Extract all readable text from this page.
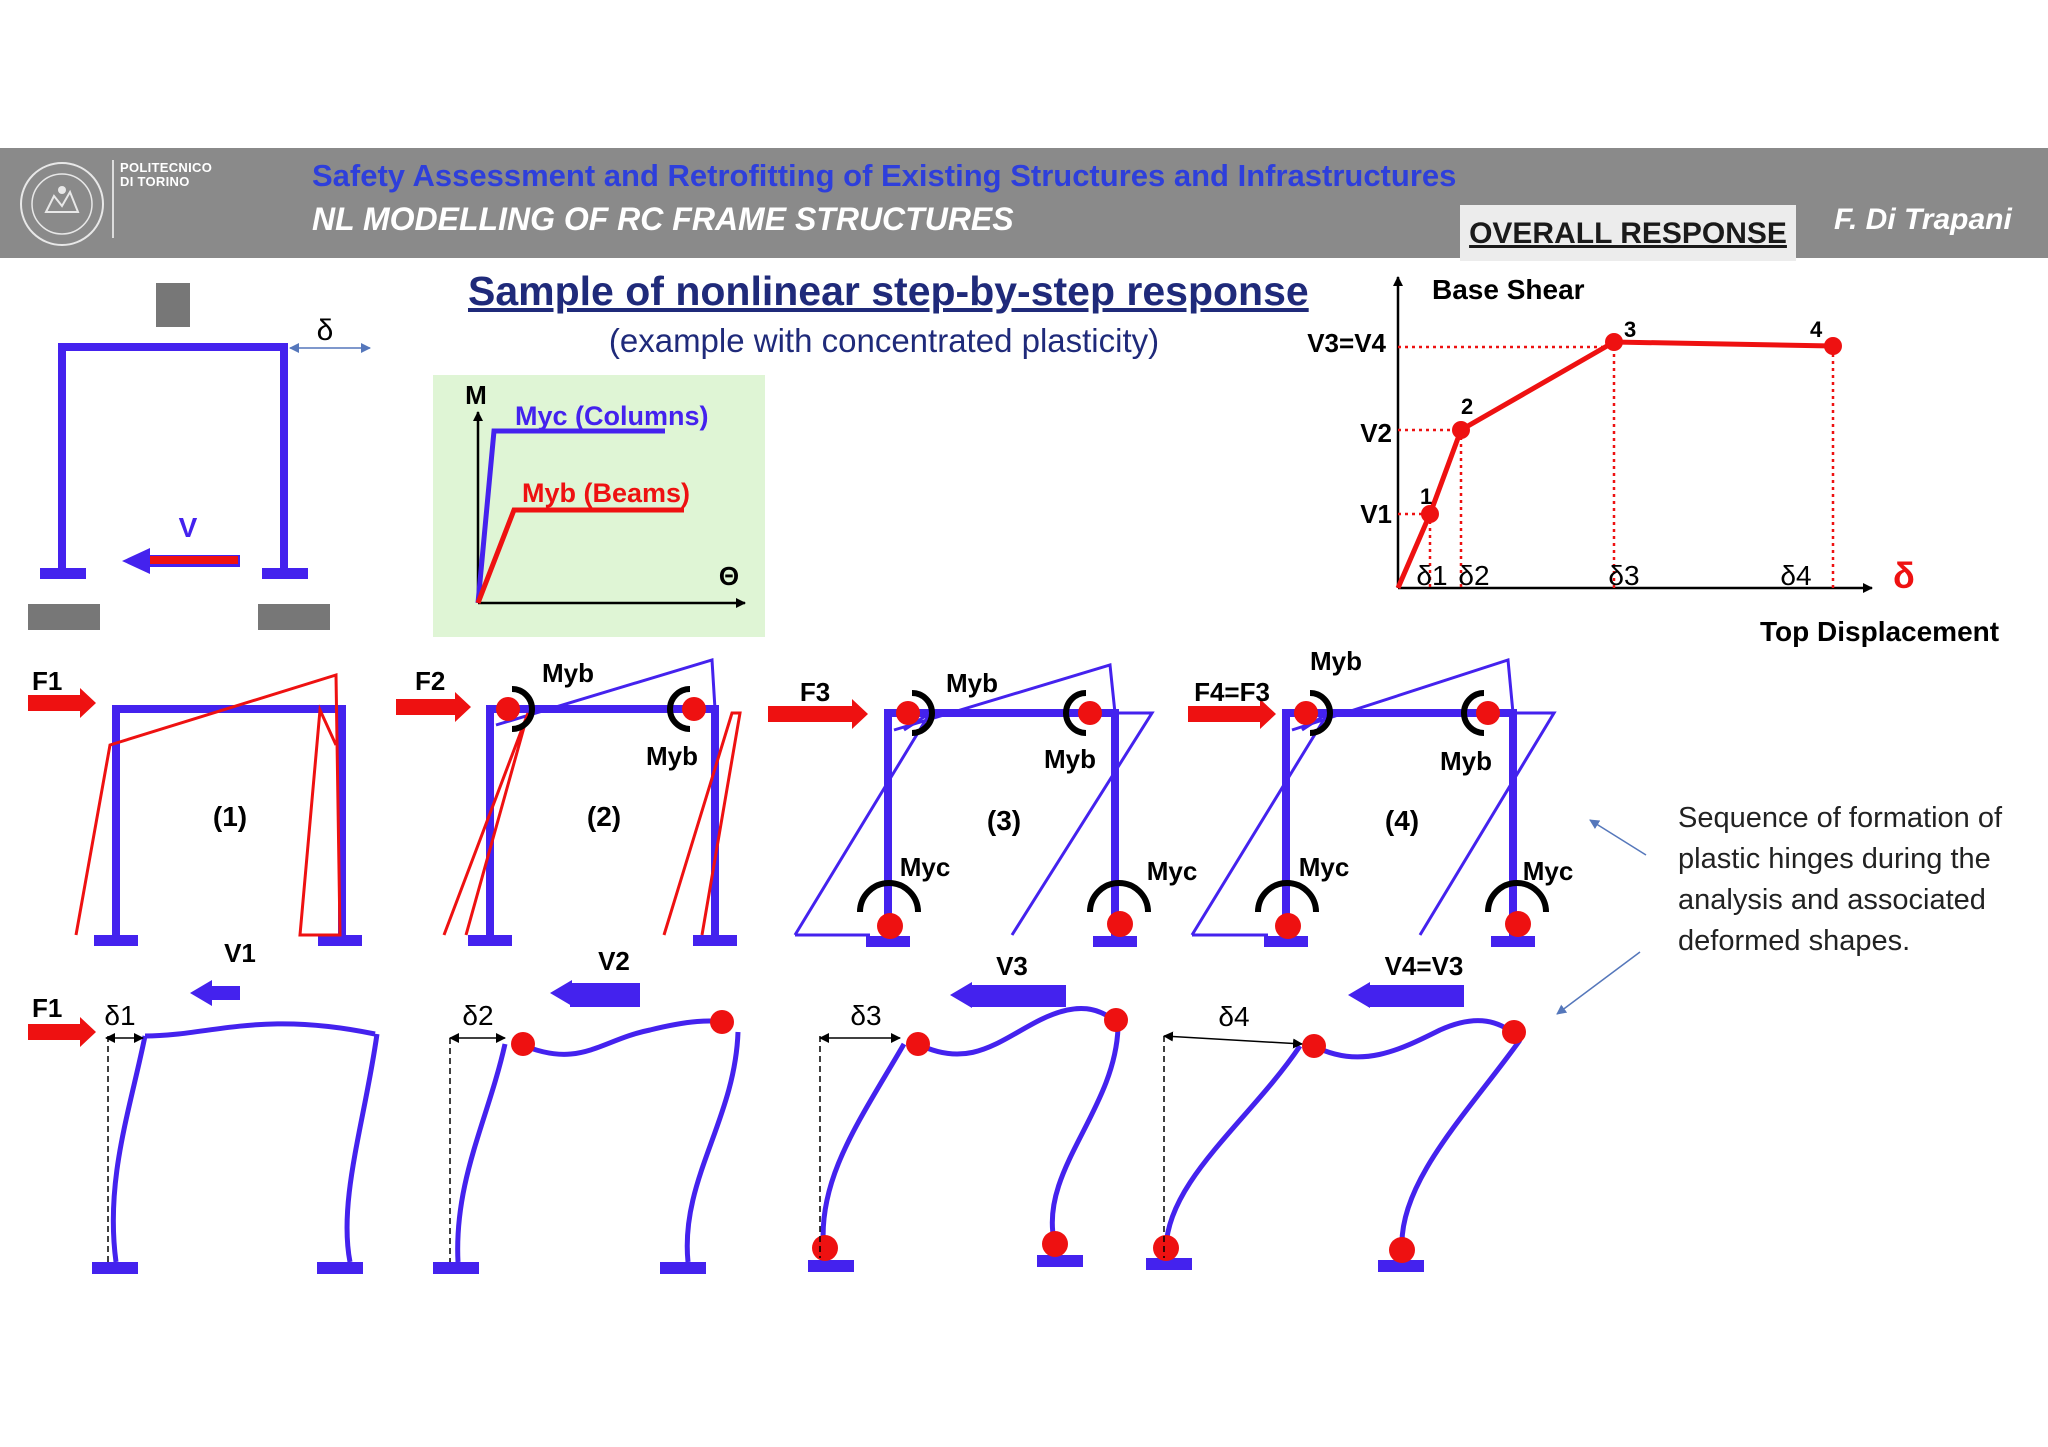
POLITECNICO
DI TORINO	Safety Assessment and Retrofitting of Existing Structures and Infrastructures
NL MODELLING OF RC FRAME STRUCTURES	OVERALL RESPONSE	F. Di Trapani
Sample of nonlinear step-by-step response
(example with concentrated plasticity)
Sequence of formation of plastic hinges during the analysis and associated deformed shapes.
δ
V
M
Θ
Myc (Columns)
Myb (Beams)
Base Shear
Top Displacement
δ
1
2
3	4
V1
V2
V3=V4
δ1 δ2	δ3	δ4
F1
(1)
F2	Myb
Myb
(2)
F3	Myb
Myb
Myc	Myc
(3)
F4=F3
Myb
Myb
Myc	Myc
(4)
F1
V1
δ1
V2
δ2
V3
δ3
V4=V3
δ4
